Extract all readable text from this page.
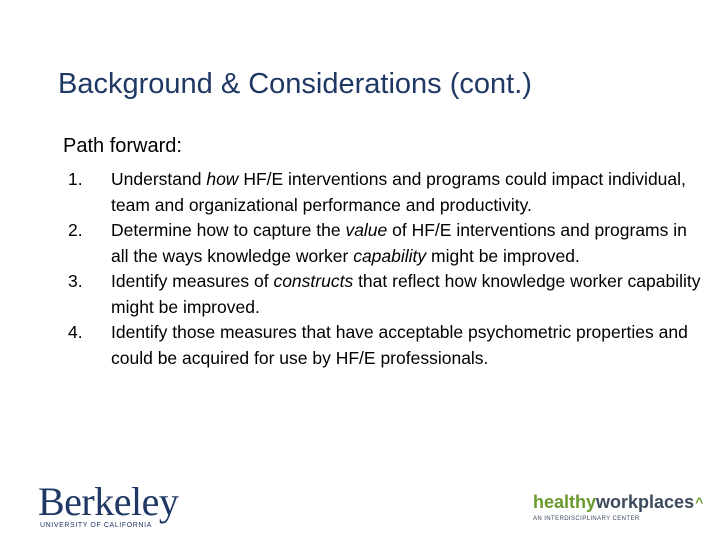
Background & Considerations (cont.)
Path forward:
1. Understand how HF/E interventions and programs could impact individual, team and organizational performance and productivity.
2. Determine how to capture the value of HF/E interventions and programs in all the ways knowledge worker capability might be improved.
3. Identify measures of constructs that reflect how knowledge worker capability might be improved.
4. Identify those measures that have acceptable psychometric properties and could be acquired for use by HF/E professionals.
Berkeley
UNIVERSITY OF CALIFORNIA
healthyworkplaces^
AN INTERDISCIPLINARY CENTER
